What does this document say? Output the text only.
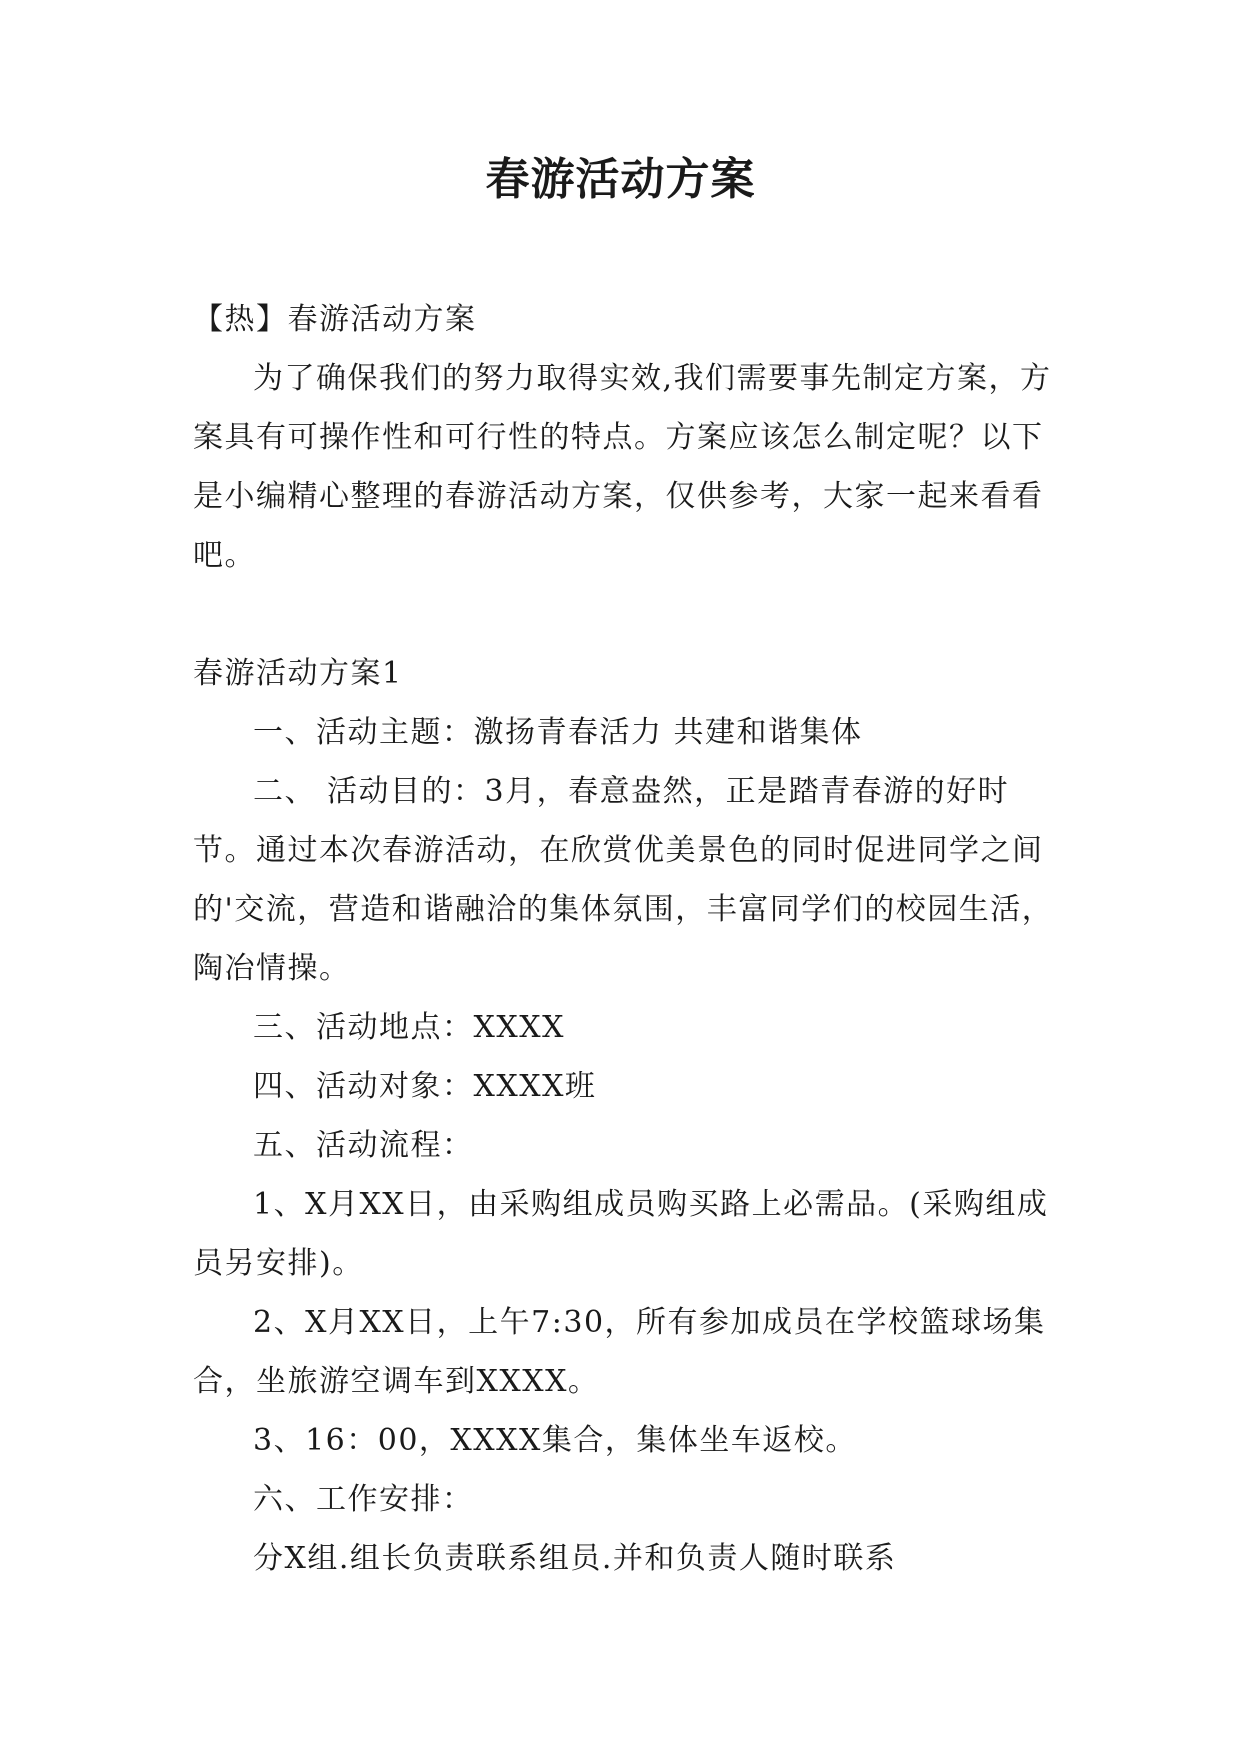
春游活动方案

【热】春游活动方案

为了确保我们的努力取得实效,我们需要事先制定方案，方案具有可操作性和可行性的特点。方案应该怎么制定呢？以下是小编精心整理的春游活动方案，仅供参考，大家一起来看看吧。

春游活动方案1

一、活动主题：激扬青春活力 共建和谐集体

二、 活动目的：3月，春意盎然，正是踏青春游的好时节。通过本次春游活动，在欣赏优美景色的同时促进同学之间的'交流，营造和谐融洽的集体氛围，丰富同学们的校园生活，陶冶情操。

三、活动地点：XXXX

四、活动对象：XXXX班

五、活动流程：

1、X月XX日，由采购组成员购买路上必需品。(采购组成员另安排)。

2、X月XX日，上午7:30，所有参加成员在学校篮球场集合，坐旅游空调车到XXXX。

3、16：00，XXXX集合，集体坐车返校。

六、工作安排：

分X组.组长负责联系组员.并和负责人随时联系
